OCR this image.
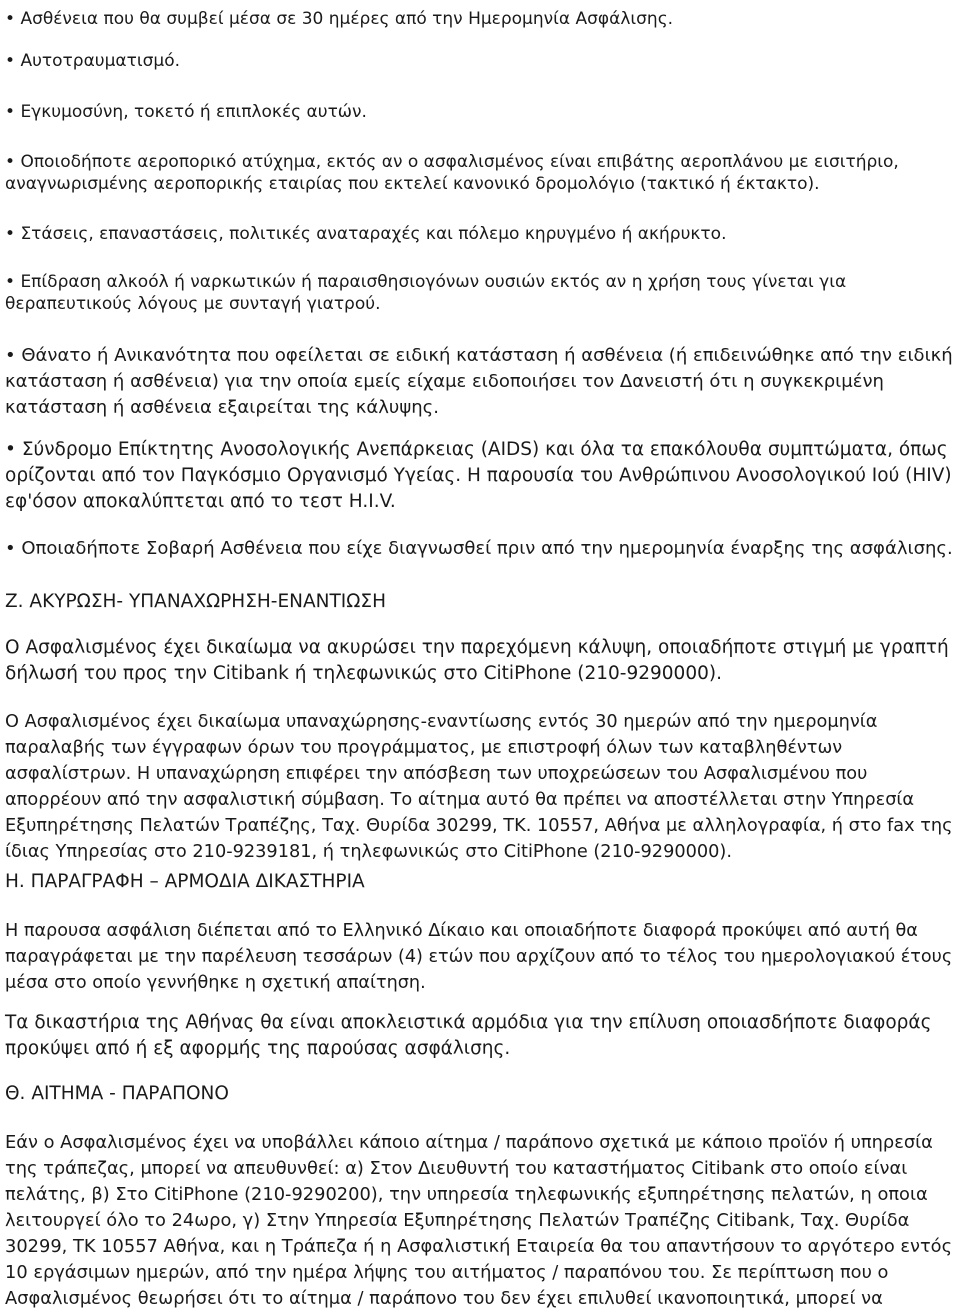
• Ασθένεια που θα συμβεί μέσα σε 30 ημέρες από την Ημερομηνία Ασφάλισης.
• Αυτοτραυματισμό.
• Εγκυμοσύνη, τοκετό ή επιπλοκές αυτών.
• Οποιοδήποτε αεροπορικό ατύχημα, εκτός αν ο ασφαλισμένος είναι επιβάτης αεροπλάνου με εισιτήριο,
αναγνωρισμένης αεροπορικής εταιρίας που εκτελεί κανονικό δρομολόγιο (τακτικό ή έκτακτο).
• Στάσεις, επαναστάσεις, πολιτικές αναταραχές και πόλεμο κηρυγμένο ή ακήρυκτο.
• Επίδραση αλκοόλ ή ναρκωτικών ή παραισθησιογόνων ουσιών εκτός αν η χρήση τους γίνεται για
θεραπευτικούς λόγους με συνταγή γιατρού.
• Θάνατο ή Ανικανότητα που οφείλεται σε ειδική κατάσταση ή ασθένεια (ή επιδεινώθηκε από την ειδική
κατάσταση ή ασθένεια) για την οποία εμείς είχαμε ειδοποιήσει τον Δανειστή ότι η συγκεκριμένη
κατάσταση ή ασθένεια εξαιρείται της κάλυψης.
• Σύνδρομο Επίκτητης Ανοσολογικής Ανεπάρκειας (AIDS) και όλα τα επακόλουθα συμπτώματα, όπως
ορίζονται από τον Παγκόσμιο Οργανισμό Υγείας. Η παρουσία του Ανθρώπινου Ανοσολογικού Ιού (HIV)
εφ'όσον αποκαλύπτεται από το τεστ H.I.V.
• Οποιαδήποτε Σοβαρή Ασθένεια που είχε διαγνωσθεί πριν από την ημερομηνία έναρξης της ασφάλισης.
Ζ. ΑΚΥΡΩΣΗ- ΥΠΑΝΑΧΩΡΗΣΗ-ΕΝΑΝΤΙΩΣΗ
Ο Ασφαλισμένος έχει δικαίωμα να ακυρώσει την παρεχόμενη κάλυψη, οποιαδήποτε στιγμή με γραπτή
δήλωσή του προς την Citibank ή τηλεφωνικώς στο CitiPhone (210-9290000).
Ο Ασφαλισμένος έχει δικαίωμα υπαναχώρησης-εναντίωσης εντός 30 ημερών από την ημερομηνία
παραλαβής των έγγραφων όρων του προγράμματος, με επιστροφή όλων των καταβληθέντων
ασφαλίστρων. Η υπαναχώρηση επιφέρει την απόσβεση των υποχρεώσεων του Ασφαλισμένου που
απορρέουν από την ασφαλιστική σύμβαση. Το αίτημα αυτό θα πρέπει να αποστέλλεται στην Υπηρεσία
Εξυπηρέτησης Πελατών Τραπέζης, Ταχ. Θυρίδα 30299, ΤΚ. 10557, Αθήνα με αλληλογραφία, ή στο fax της
ίδιας Υπηρεσίας στο 210-9239181, ή τηλεφωνικώς στο CitiPhone (210-9290000).
Η. ΠΑΡΑΓΡΑΦΗ – ΑΡΜΟΔΙΑ ΔΙΚΑΣΤΗΡΙΑ
Η παρουσα ασφάλιση διέπεται από το Ελληνικό Δίκαιο και οποιαδήποτε διαφορά προκύψει από αυτή θα
παραγράφεται με την παρέλευση τεσσάρων (4) ετών που αρχίζουν από το τέλος του ημερολογιακού έτους
μέσα στο οποίο γεννήθηκε η σχετική απαίτηση.
Τα δικαστήρια της Αθήνας θα είναι αποκλειστικά αρμόδια για την επίλυση οποιασδήποτε διαφοράς
προκύψει από ή εξ αφορμής της παρούσας ασφάλισης.
Θ. ΑΙΤΗΜΑ - ΠΑΡΑΠΟΝΟ
Εάν ο Ασφαλισμένος έχει να υποβάλλει κάποιο αίτημα / παράπονο σχετικά με κάποιο προϊόν ή υπηρεσία
της τράπεζας, μπορεί να απευθυνθεί: α) Στον Διευθυντή του καταστήματος Citibank στο οποίο είναι
πελάτης, β) Στο CitiPhone (210-9290200), την υπηρεσία τηλεφωνικής εξυπηρέτησης πελατών, η οποια
λειτουργεί όλο το 24ωρο, γ) Στην Υπηρεσία Εξυπηρέτησης Πελατών Τραπέζης Citibank, Ταχ. Θυρίδα
30299, ΤΚ 10557 Αθήνα, και η Τράπεζα ή η Ασφαλιστική Εταιρεία θα του απαντήσουν το αργότερο εντός
10 εργάσιμων ημερών, από την ημέρα λήψης του αιτήματος / παραπόνου του. Σε περίπτωση που ο
Ασφαλισμένος θεωρήσει ότι το αίτημα / παράπονο του δεν έχει επιλυθεί ικανοποιητικά, μπορεί να
